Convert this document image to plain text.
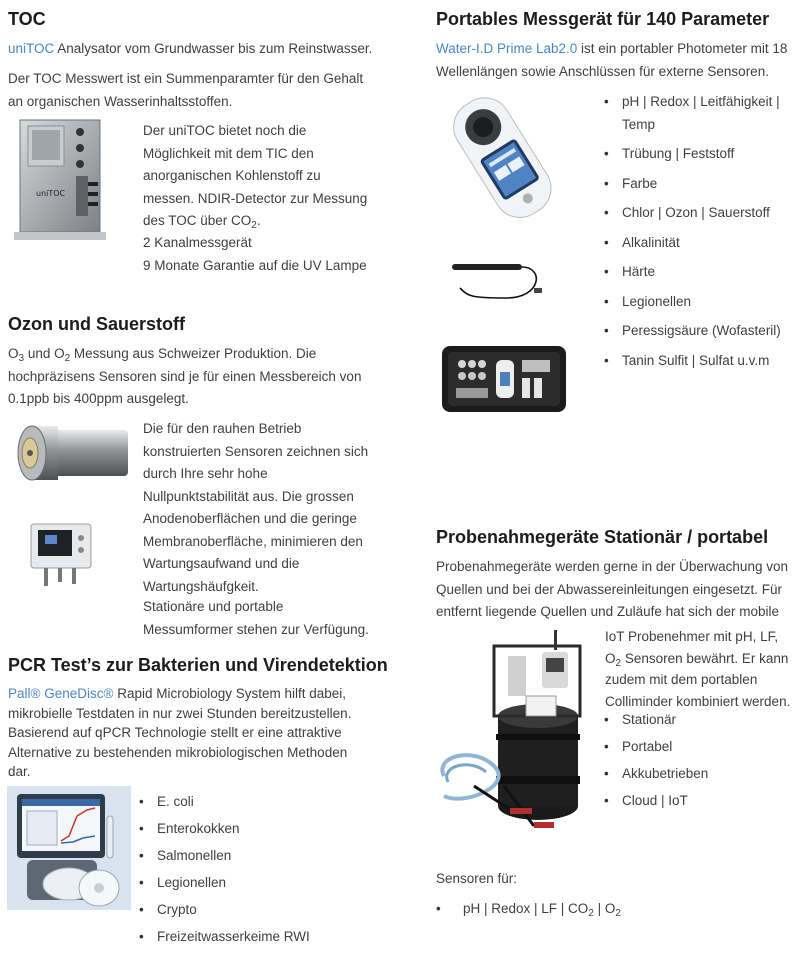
TOC

uniTOC Analysator vom Grundwasser bis zum Reinstwasser.

Der TOC Messwert ist ein Summenparamter für den Gehalt an organischen Wasserinhaltsstoffen.

uniTOC

Der uniTOC bietet noch die Möglichkeit mit dem TIC den anorganischen Kohlenstoff zu messen. NDIR-Detector zur Messung des TOC über $CO_2$.

2 Kanalmessgerät

9 Monate Garantie auf die UV Lampe

Ozon und Sauerstoff

$O_3$ und $O_2$ Messung aus Schweizer Produktion. Die hochpräzisens Sensoren sind je für einen Messbereich von 0.1ppb bis 400ppm ausgelegt.

Die für den rauhen Betrieb konstruierten Sensoren zeichnen sich durch Ihre sehr hohe Nullpunktstabilität aus. Die grossen Anodenoberflächen und die geringe Membranoberfläche, minimieren den Wartungsaufwand und die Wartungshäufgkeit.

Stationäre und portable Messumformer stehen zur Verfügung.

PCR Test’s zur Bakterien und Virendetektion

Pall® GeneDisc® Rapid Microbiology System hilft dabei, mikrobielle Testdaten in nur zwei Stunden bereitzustellen. Basierend auf qPCR Technologie stellt er eine attraktive Alternative zu bestehenden mikrobiologischen Methoden dar.

• E. coli
• Enterokokken
• Salmonellen
• Legionellen
• Crypto
• Freizeitwasserkeime RWI
Portables Messgerät für 140 Parameter

Water-I.D Prime Lab2.0 ist ein portabler Photometer mit 18 Wellenlängen sowie Anschlüssen für externe Sensoren.

• pH | Redox | Leitfähigkeit | Temp
• Trübung | Feststoff
• Farbe
• Chlor | Ozon | Sauerstoff
• Alkalinität
• Härte
• Legionellen
• Peressigsäure (Wofasteril)
• Tanin Sulfit | Sulfat u.v.m
Probenahmegeräte Stationär / portabel

Probenahmegeräte werden gerne in der Überwachung von Quellen und bei der Abwassereinleitungen eingesetzt. Für entfernt liegende Quellen und Zuläufe hat sich der mobile

IoT Probenehmer mit pH, LF, $O_2$ Sensoren bewährt. Er kann zudem mit dem portablen Colliminder kombiniert werden.

• Stationär
• Portabel
• Akkubetrieben
• Cloud | IoT

Sensoren für:

• pH | Redox | LF | $CO_2$ | $O_2$
